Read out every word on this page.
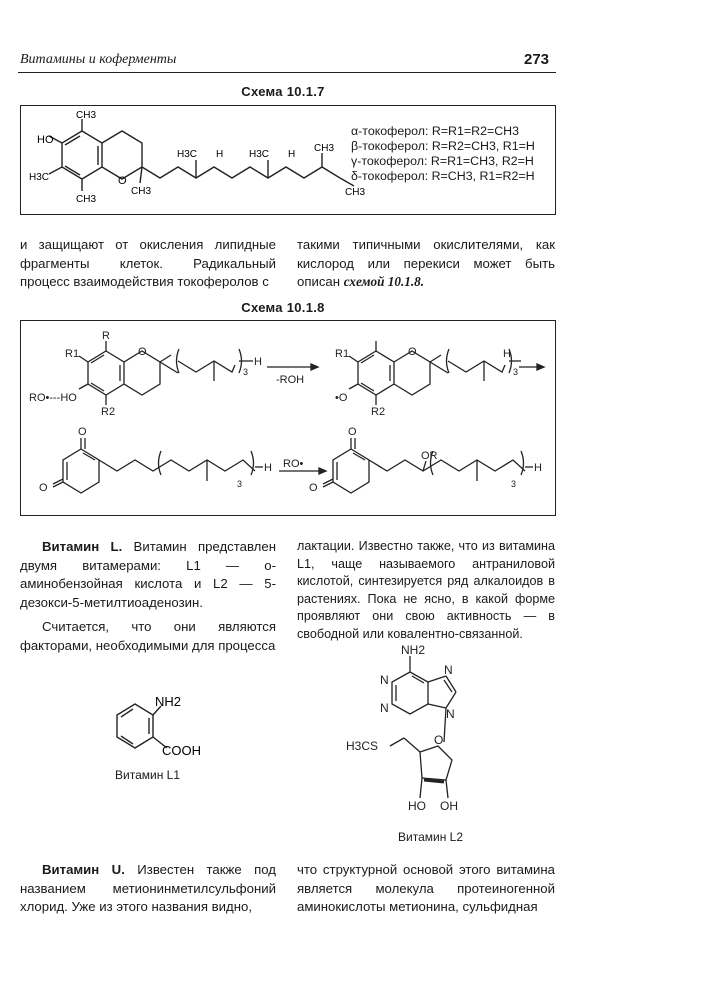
Витамины и коферменты	273
Схема 10.1.7
HO
CH3
H3C
CH3
O
CH3
H3C H	H3C H
CH3
CH3
α-токоферол: R=R1=R2=CH3
β-токоферол: R=R2=CH3, R1=H
γ-токоферол: R=R1=CH3, R2=H
δ-токоферол: R=CH3, R1=R2=H

и защищают от окисления липидные фрагменты клеток. Радикальный процесс взаимодействия токоферолов с

такими типичными окислителями, как кислород или перекиси может быть описан схемой 10.1.8.

Схема 10.1.8
R
R1	O
RO•---HO
R2
3
H
-ROH
R1	O
•O
R2
3
H
O
O	3
H RO•
O
O
OR
3
H

Витамин L. Витамин представлен двумя витамерами: L1 — о-аминобензойная кислота и L2 — 5-дезокси-5-метилтиоаденозин.

Считается, что они являются факторами, необходимыми для процесса

лактации. Известно также, что из витамина L1, чаще называемого антраниловой кислотой, синтезируется ряд алкалоидов в растениях. Пока не ясно, в какой форме проявляют они свою активность — в свободной или ковалентно-связанной.

NH2
COOH
Витамин L1
NH2
N
N
N
N
H3CS	O
HO OH
Витамин L2

Витамин U. Известен также под названием метионинметилсульфоний хлорид. Уже из этого названия видно,

что структурной основой этого витамина является молекула протеиногенной аминокислоты метионина, сульфидная
